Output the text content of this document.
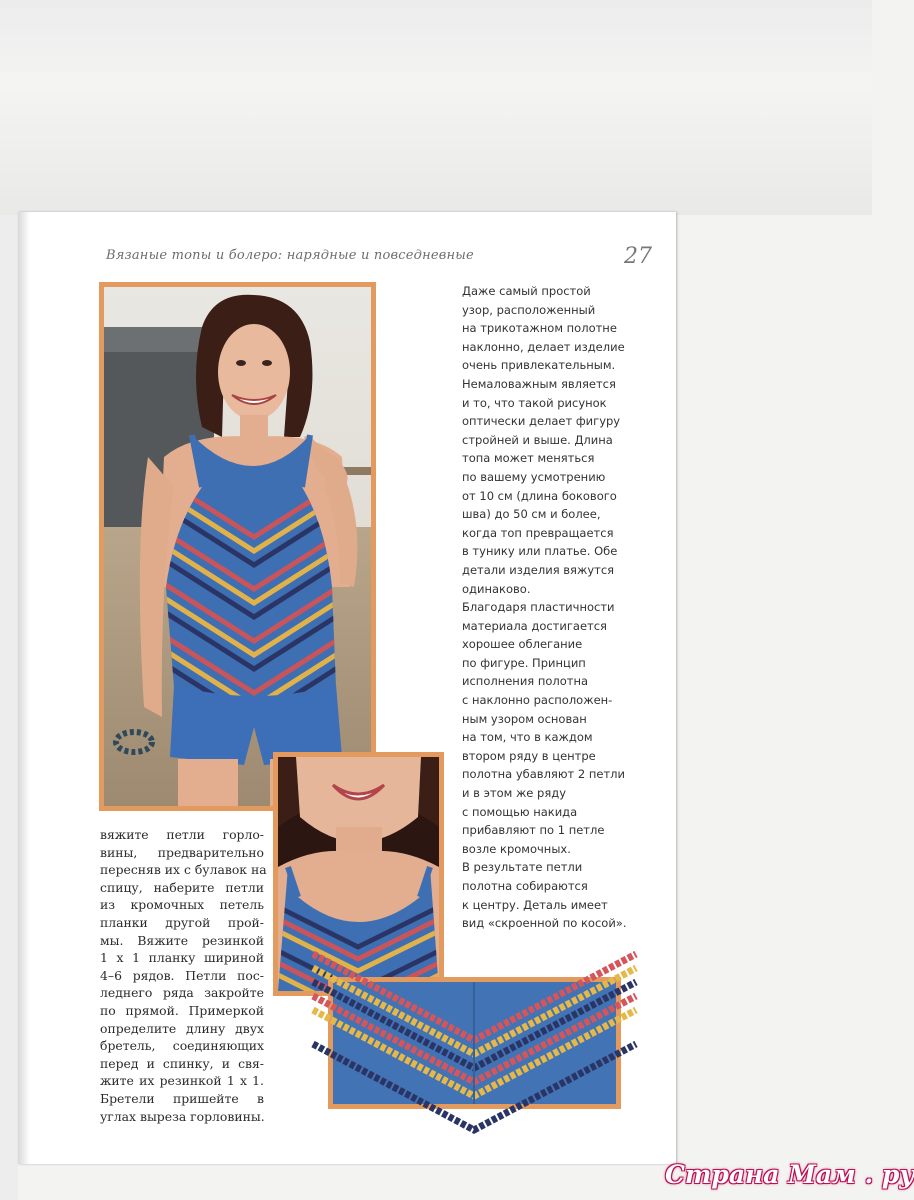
Вязаные топы и болеро: нарядные и повседневные	27
Даже самый простой
узор, расположенный
на трикотажном полотне
наклонно, делает изделие
очень привлекательным.
Немаловажным является
и то, что такой рисунок
оптически делает фигуру
стройней и выше. Длина
топа может меняться
по вашему усмотрению
от 10 см (длина бокового
шва) до 50 см и более,
когда топ превращается
в тунику или платье. Обе
детали изделия вяжутся
одинаково.
Благодаря пластичности
материала достигается
хорошее облегание
по фигуре. Принцип
исполнения полотна
с наклонно расположен-
ным узором основан
на том, что в каждом
втором ряду в центре
полотна убавляют 2 петли
и в этом же ряду
с помощью накида
прибавляют по 1 петле
возле кромочных.
В результате петли
полотна собираются
к центру. Деталь имеет
вид «скроенной по косой».
вяжите петли горло-
вины, предварительно
пересняв их с булавок на
спицу, наберите петли
из кромочных петель
планки другой прой-
мы. Вяжите резинкой
1 х 1 планку шириной
4–6 рядов. Петли пос-
леднего ряда закройте
по прямой. Примеркой
определите длину двух
бретель, соединяющих
перед и спинку, и свя-
жите их резинкой 1 х 1.
Бретели пришейте в
углах выреза горловины.
Страна Мам . ру
